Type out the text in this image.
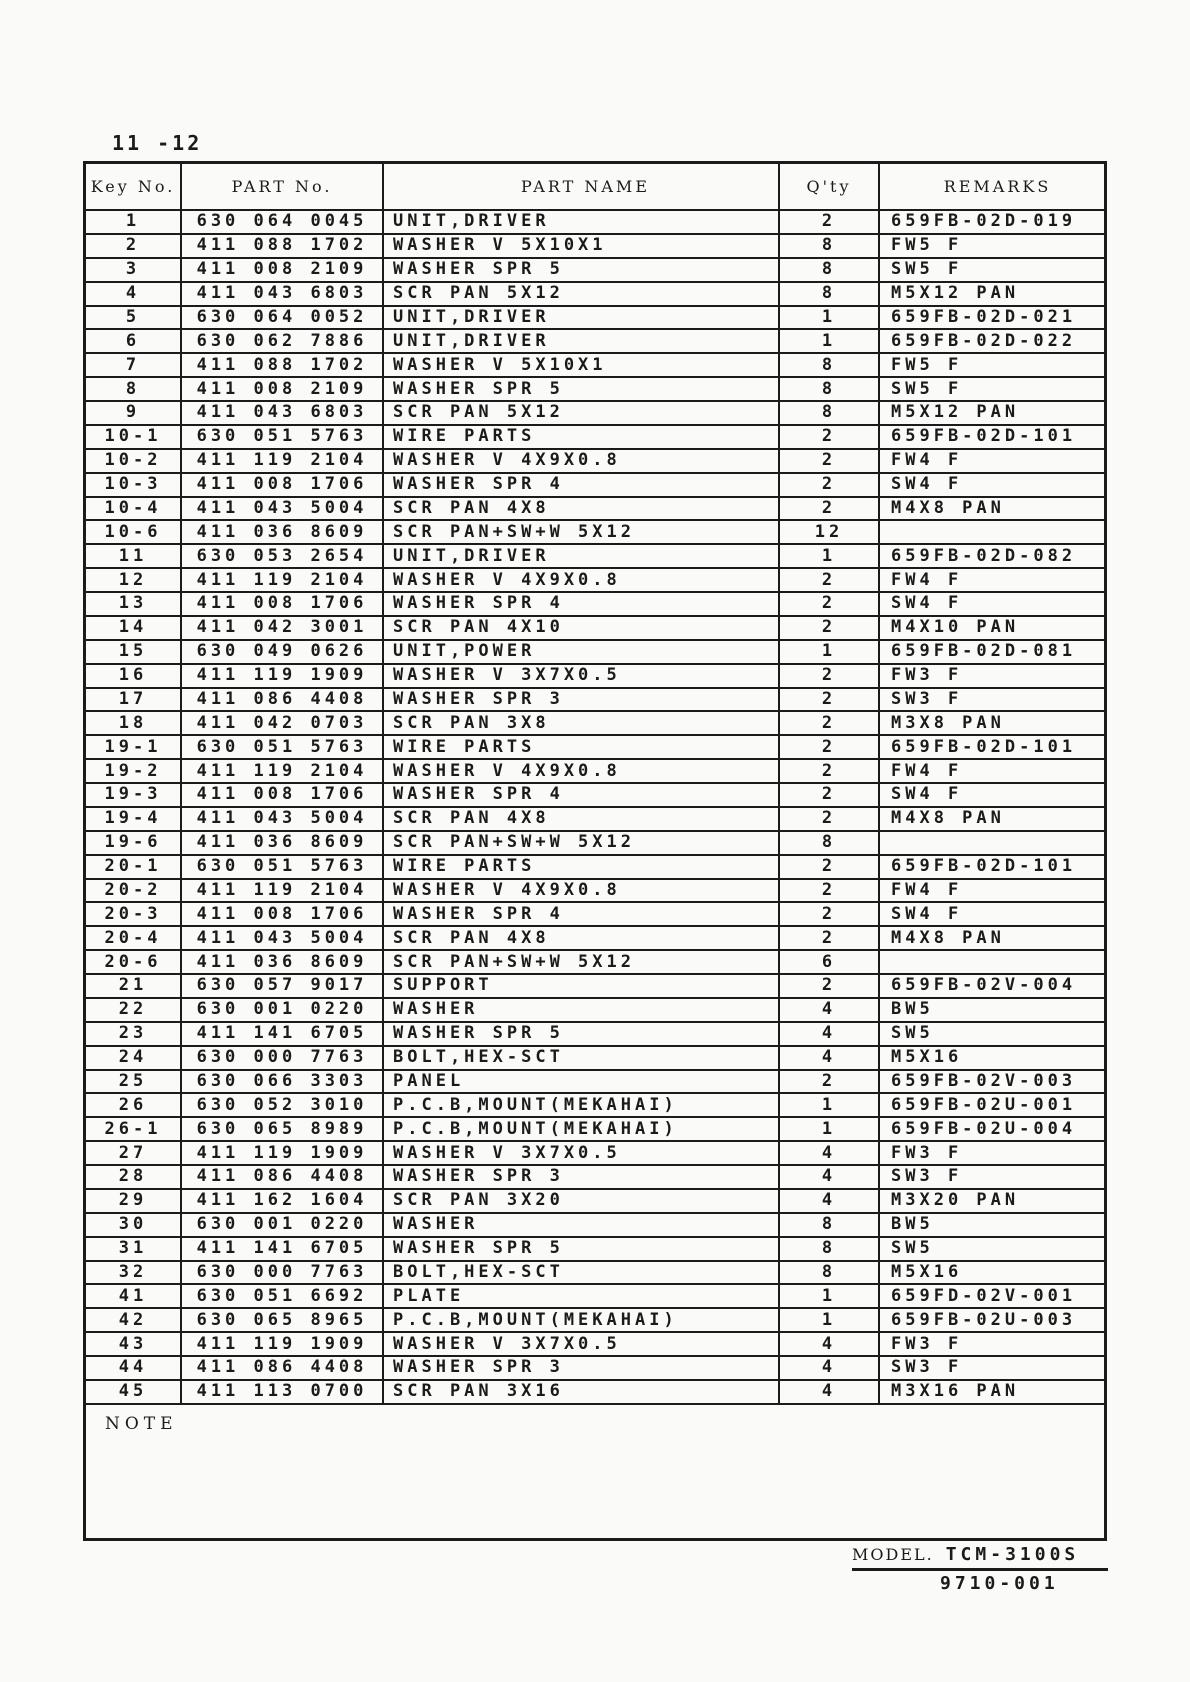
11 -12
Key No.	PART No.	PART NAME	Q'ty	REMARKS
1	630 064 0045	UNIT,DRIVER	2	659FB-02D-019
2	411 088 1702	WASHER V 5X10X1	8	FW5 F
3	411 008 2109	WASHER SPR 5	8	SW5 F
4	411 043 6803	SCR PAN 5X12	8	M5X12 PAN
5	630 064 0052	UNIT,DRIVER	1	659FB-02D-021
6	630 062 7886	UNIT,DRIVER	1	659FB-02D-022
7	411 088 1702	WASHER V 5X10X1	8	FW5 F
8	411 008 2109	WASHER SPR 5	8	SW5 F
9	411 043 6803	SCR PAN 5X12	8	M5X12 PAN
10-1	630 051 5763	WIRE PARTS	2	659FB-02D-101
10-2	411 119 2104	WASHER V 4X9X0.8	2	FW4 F
10-3	411 008 1706	WASHER SPR 4	2	SW4 F
10-4	411 043 5004	SCR PAN 4X8	2	M4X8 PAN
10-6	411 036 8609	SCR PAN+SW+W 5X12	12
11	630 053 2654	UNIT,DRIVER	1	659FB-02D-082
12	411 119 2104	WASHER V 4X9X0.8	2	FW4 F
13	411 008 1706	WASHER SPR 4	2	SW4 F
14	411 042 3001	SCR PAN 4X10	2	M4X10 PAN
15	630 049 0626	UNIT,POWER	1	659FB-02D-081
16	411 119 1909	WASHER V 3X7X0.5	2	FW3 F
17	411 086 4408	WASHER SPR 3	2	SW3 F
18	411 042 0703	SCR PAN 3X8	2	M3X8 PAN
19-1	630 051 5763	WIRE PARTS	2	659FB-02D-101
19-2	411 119 2104	WASHER V 4X9X0.8	2	FW4 F
19-3	411 008 1706	WASHER SPR 4	2	SW4 F
19-4	411 043 5004	SCR PAN 4X8	2	M4X8 PAN
19-6	411 036 8609	SCR PAN+SW+W 5X12	8
20-1	630 051 5763	WIRE PARTS	2	659FB-02D-101
20-2	411 119 2104	WASHER V 4X9X0.8	2	FW4 F
20-3	411 008 1706	WASHER SPR 4	2	SW4 F
20-4	411 043 5004	SCR PAN 4X8	2	M4X8 PAN
20-6	411 036 8609	SCR PAN+SW+W 5X12	6
21	630 057 9017	SUPPORT	2	659FB-02V-004
22	630 001 0220	WASHER	4	BW5
23	411 141 6705	WASHER SPR 5	4	SW5
24	630 000 7763	BOLT,HEX-SCT	4	M5X16
25	630 066 3303	PANEL	2	659FB-02V-003
26	630 052 3010	P.C.B,MOUNT(MEKAHAI)	1	659FB-02U-001
26-1	630 065 8989	P.C.B,MOUNT(MEKAHAI)	1	659FB-02U-004
27	411 119 1909	WASHER V 3X7X0.5	4	FW3 F
28	411 086 4408	WASHER SPR 3	4	SW3 F
29	411 162 1604	SCR PAN 3X20	4	M3X20 PAN
30	630 001 0220	WASHER	8	BW5
31	411 141 6705	WASHER SPR 5	8	SW5
32	630 000 7763	BOLT,HEX-SCT	8	M5X16
41	630 051 6692	PLATE	1	659FD-02V-001
42	630 065 8965	P.C.B,MOUNT(MEKAHAI)	1	659FB-02U-003
43	411 119 1909	WASHER V 3X7X0.5	4	FW3 F
44	411 086 4408	WASHER SPR 3	4	SW3 F
45	411 113 0700	SCR PAN 3X16	4	M3X16 PAN
NOTE
MODEL. TCM-3100S
9710-001
